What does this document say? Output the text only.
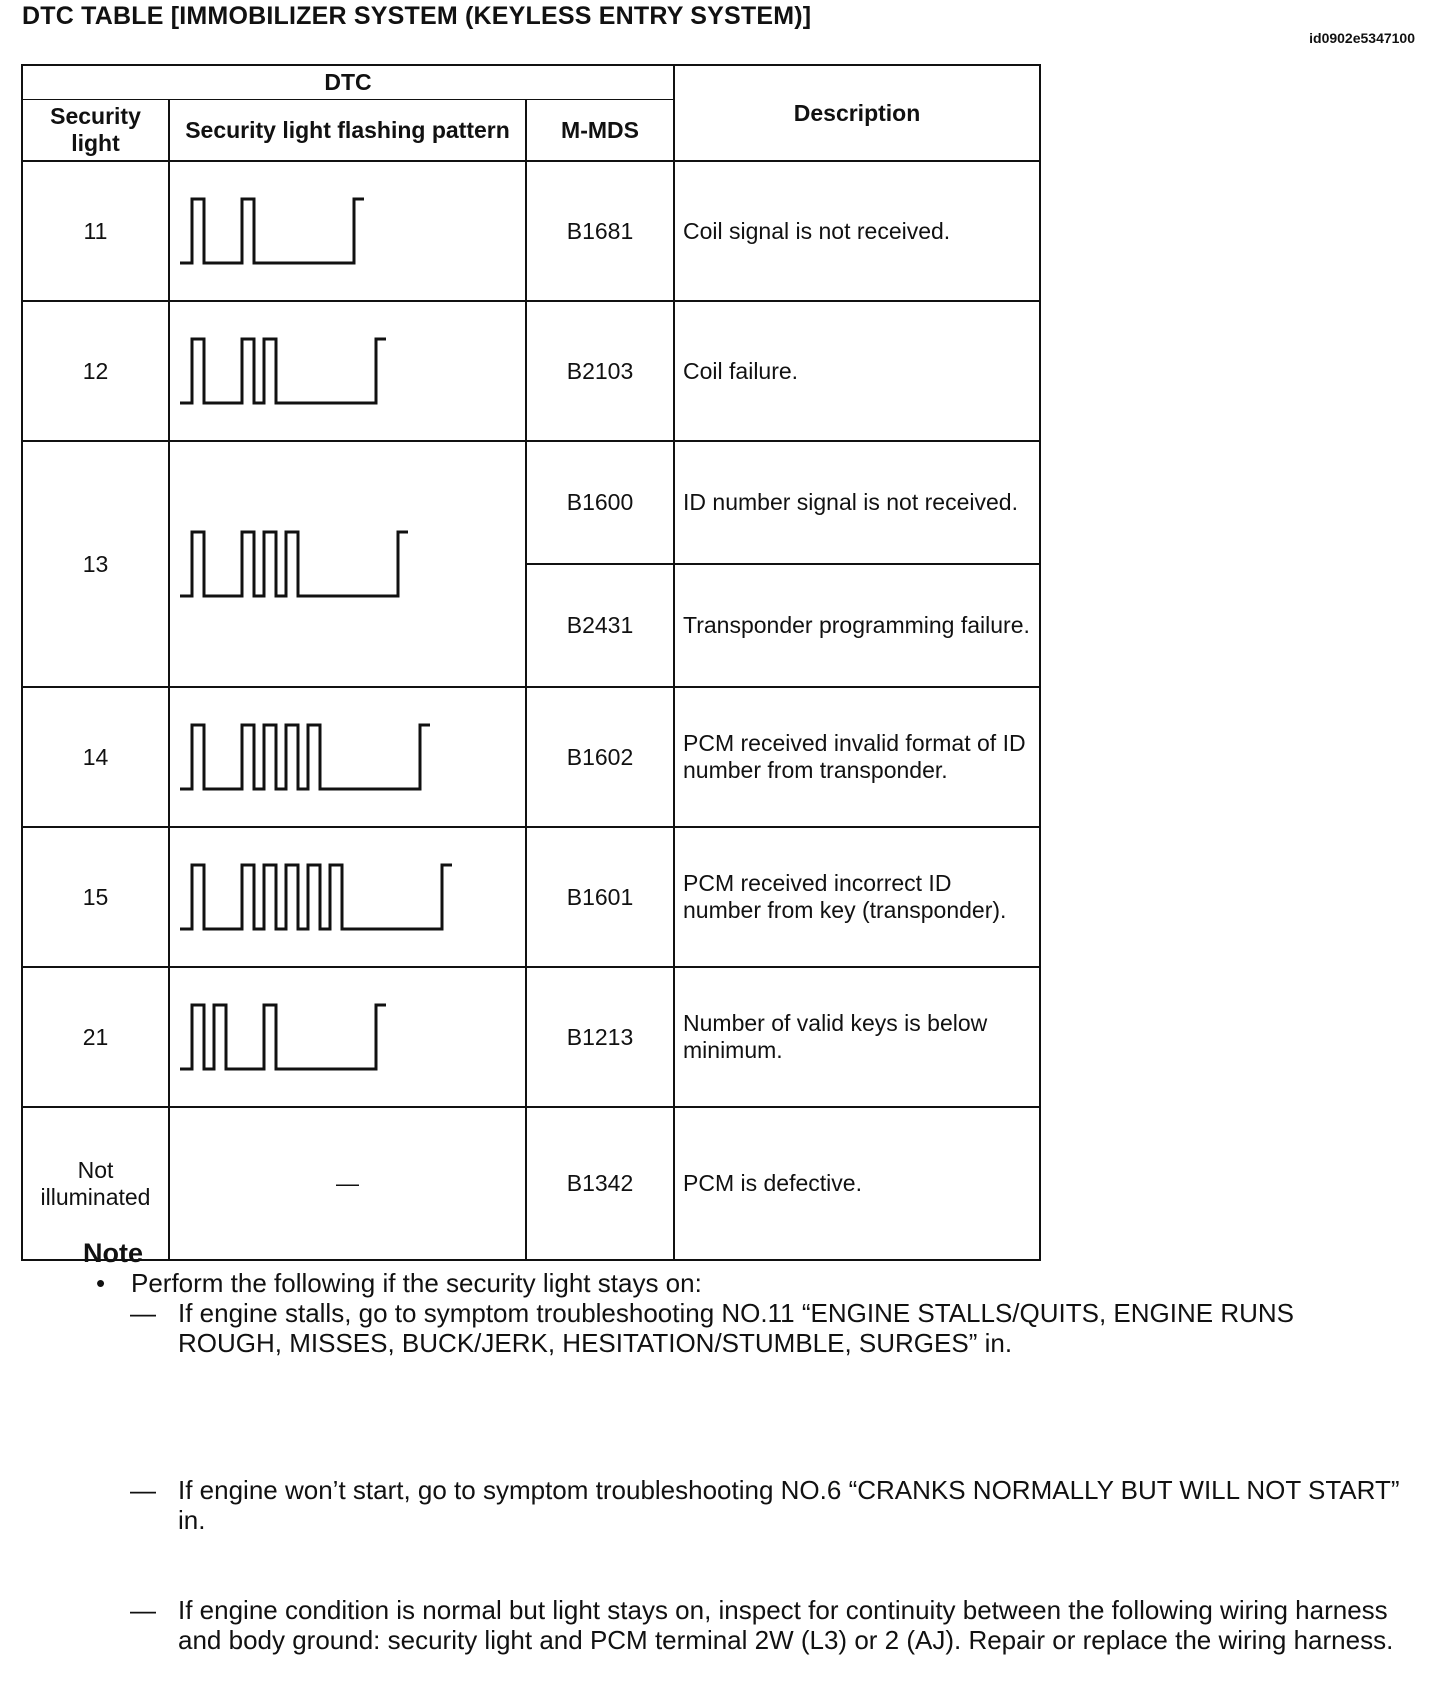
DTC TABLE [IMMOBILIZER SYSTEM (KEYLESS ENTRY SYSTEM)]
id0902e5347100
DTC			Description
Security light	Security light flashing pattern	M-MDS	
11		B1681	Coil signal is not received.
12		B2103	Coil failure.
13		B1600	ID number signal is not received.
		B2431	Transponder programming failure.
14		B1602	PCM received invalid format of ID number from transponder.
15		B1601	PCM received incorrect ID number from key (transponder).
21		B1213	Number of valid keys is below minimum.
Not illuminated	—	B1342	PCM is defective.
Note
• Perform the following if the security light stays on:
— If engine stalls, go to symptom troubleshooting NO.11 “ENGINE STALLS/QUITS, ENGINE RUNS ROUGH, MISSES, BUCK/JERK, HESITATION/STUMBLE, SURGES” in.
— If engine won’t start, go to symptom troubleshooting NO.6 “CRANKS NORMALLY BUT WILL NOT START” in.
— If engine condition is normal but light stays on, inspect for continuity between the following wiring harness and body ground: security light and PCM terminal 2W (L3) or 2 (AJ). Repair or replace the wiring harness.
